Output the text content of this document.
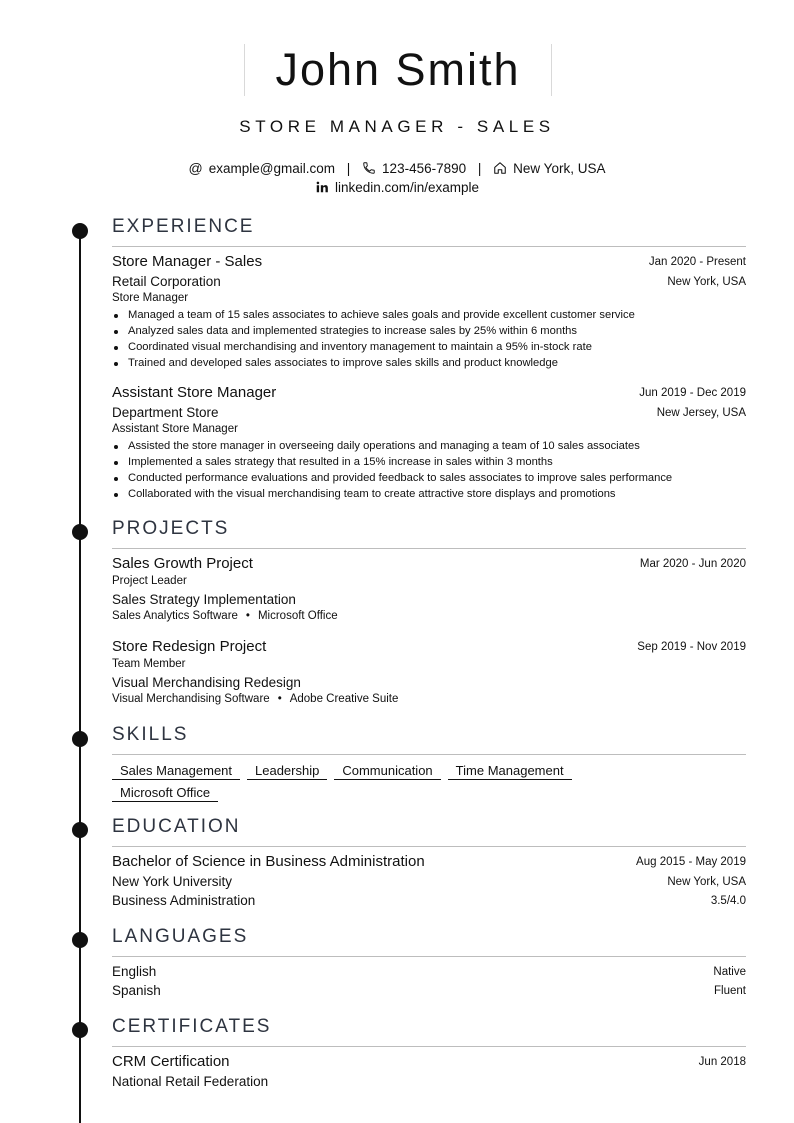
John Smith
STORE MANAGER - SALES
@ example@gmail.com | 123-456-7890 | New York, USA
linkedin.com/in/example
EXPERIENCE
Store Manager - Sales	Jan 2020 - Present
Retail Corporation	New York, USA
Store Manager
Managed a team of 15 sales associates to achieve sales goals and provide excellent customer service
Analyzed sales data and implemented strategies to increase sales by 25% within 6 months
Coordinated visual merchandising and inventory management to maintain a 95% in-stock rate
Trained and developed sales associates to improve sales skills and product knowledge
Assistant Store Manager	Jun 2019 - Dec 2019
Department Store	New Jersey, USA
Assistant Store Manager
Assisted the store manager in overseeing daily operations and managing a team of 10 sales associates
Implemented a sales strategy that resulted in a 15% increase in sales within 3 months
Conducted performance evaluations and provided feedback to sales associates to improve sales performance
Collaborated with the visual merchandising team to create attractive store displays and promotions
PROJECTS
Sales Growth Project	Mar 2020 - Jun 2020
Project Leader
Sales Strategy Implementation
Sales Analytics Software • Microsoft Office
Store Redesign Project	Sep 2019 - Nov 2019
Team Member
Visual Merchandising Redesign
Visual Merchandising Software • Adobe Creative Suite
SKILLS
Sales Management Leadership Communication Time Management
Microsoft Office
EDUCATION
Bachelor of Science in Business Administration	Aug 2015 - May 2019
New York University	New York, USA
Business Administration	3.5/4.0
LANGUAGES
English	Native
Spanish	Fluent
CERTIFICATES
CRM Certification	Jun 2018
National Retail Federation
